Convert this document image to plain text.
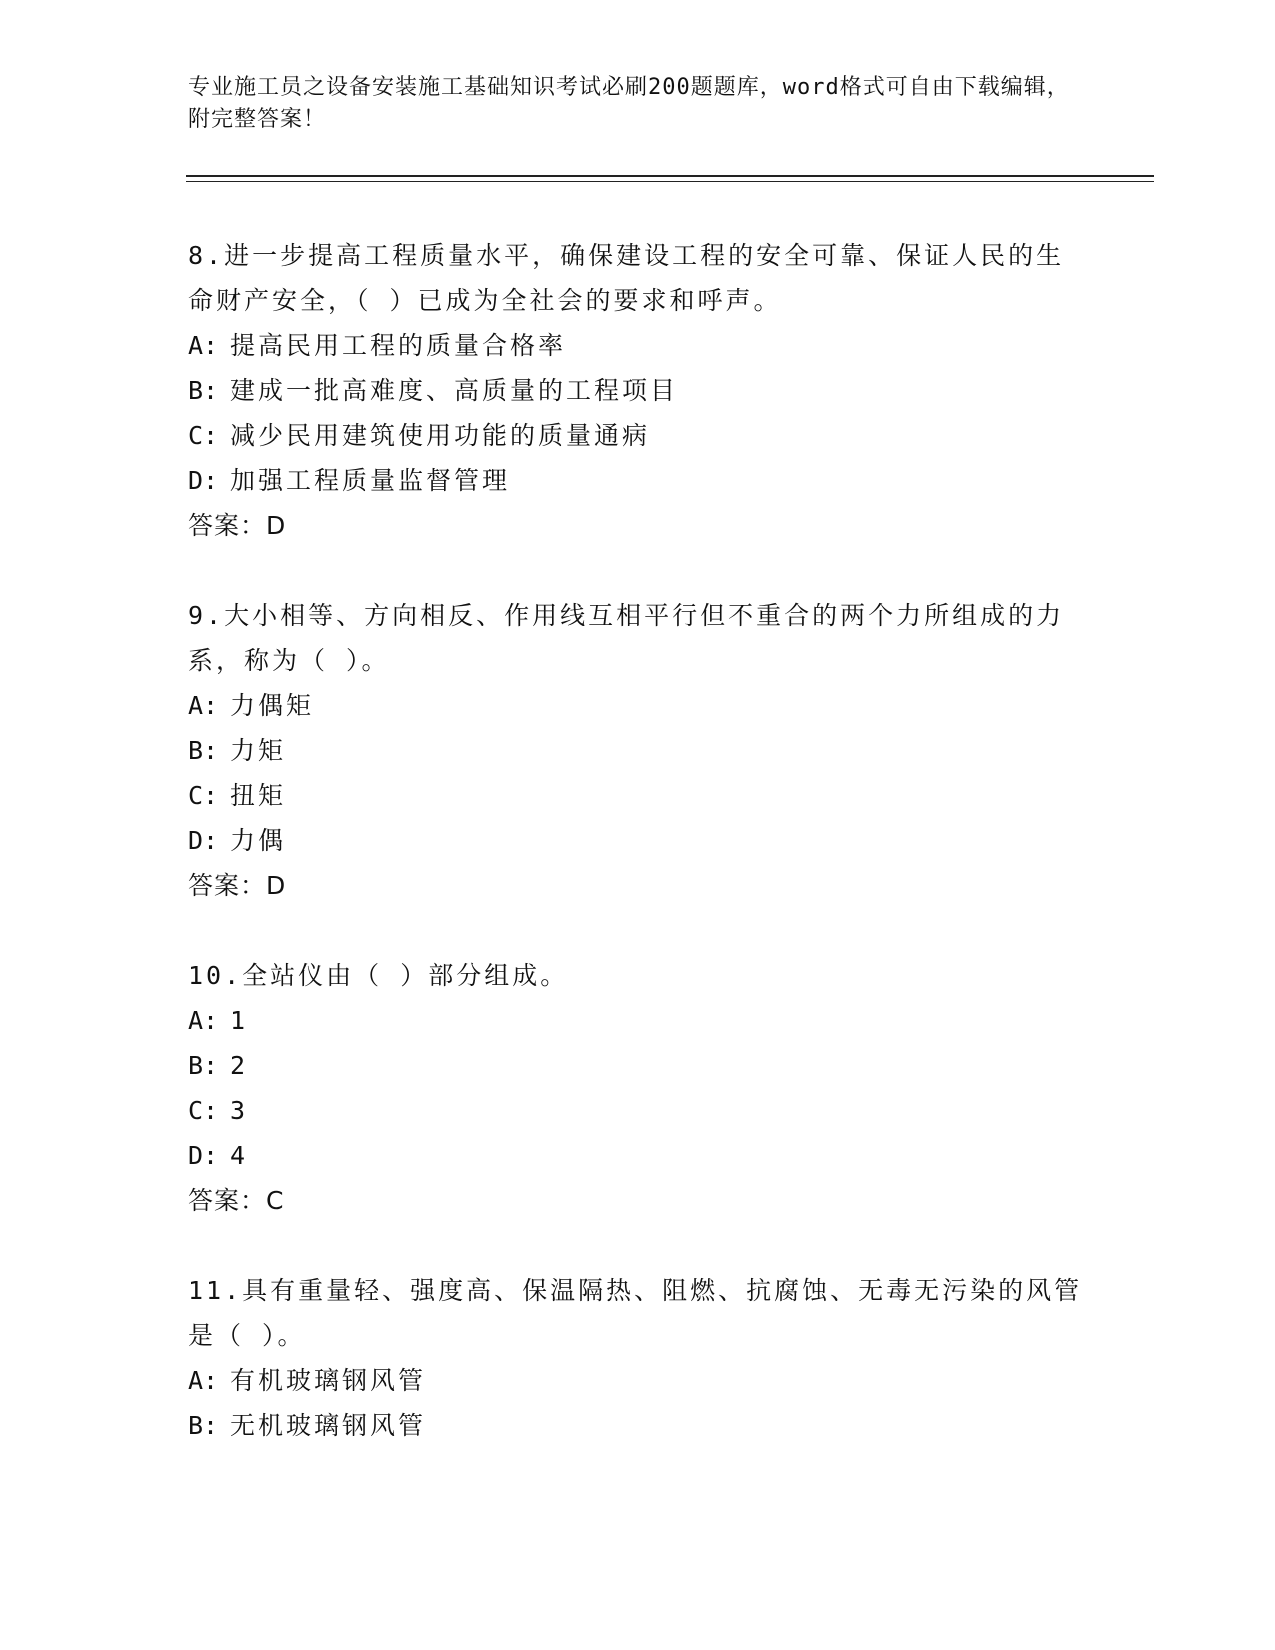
专业施工员之设备安装施工基础知识考试必刷200题题库，word格式可自由下载编辑，附完整答案！
8.进一步提高工程质量水平，确保建设工程的安全可靠、保证人民的生命财产安全，（ ）已成为全社会的要求和呼声。
A: 提高民用工程的质量合格率
B: 建成一批高难度、高质量的工程项目
C: 减少民用建筑使用功能的质量通病
D: 加强工程质量监督管理
答案：D
9.大小相等、方向相反、作用线互相平行但不重合的两个力所组成的力系，称为（ ）。
A: 力偶矩
B: 力矩
C: 扭矩
D: 力偶
答案：D
10.全站仪由（ ）部分组成。
A: 1
B: 2
C: 3
D: 4
答案：C
11.具有重量轻、强度高、保温隔热、阻燃、抗腐蚀、无毒无污染的风管是（ ）。
A: 有机玻璃钢风管
B: 无机玻璃钢风管
